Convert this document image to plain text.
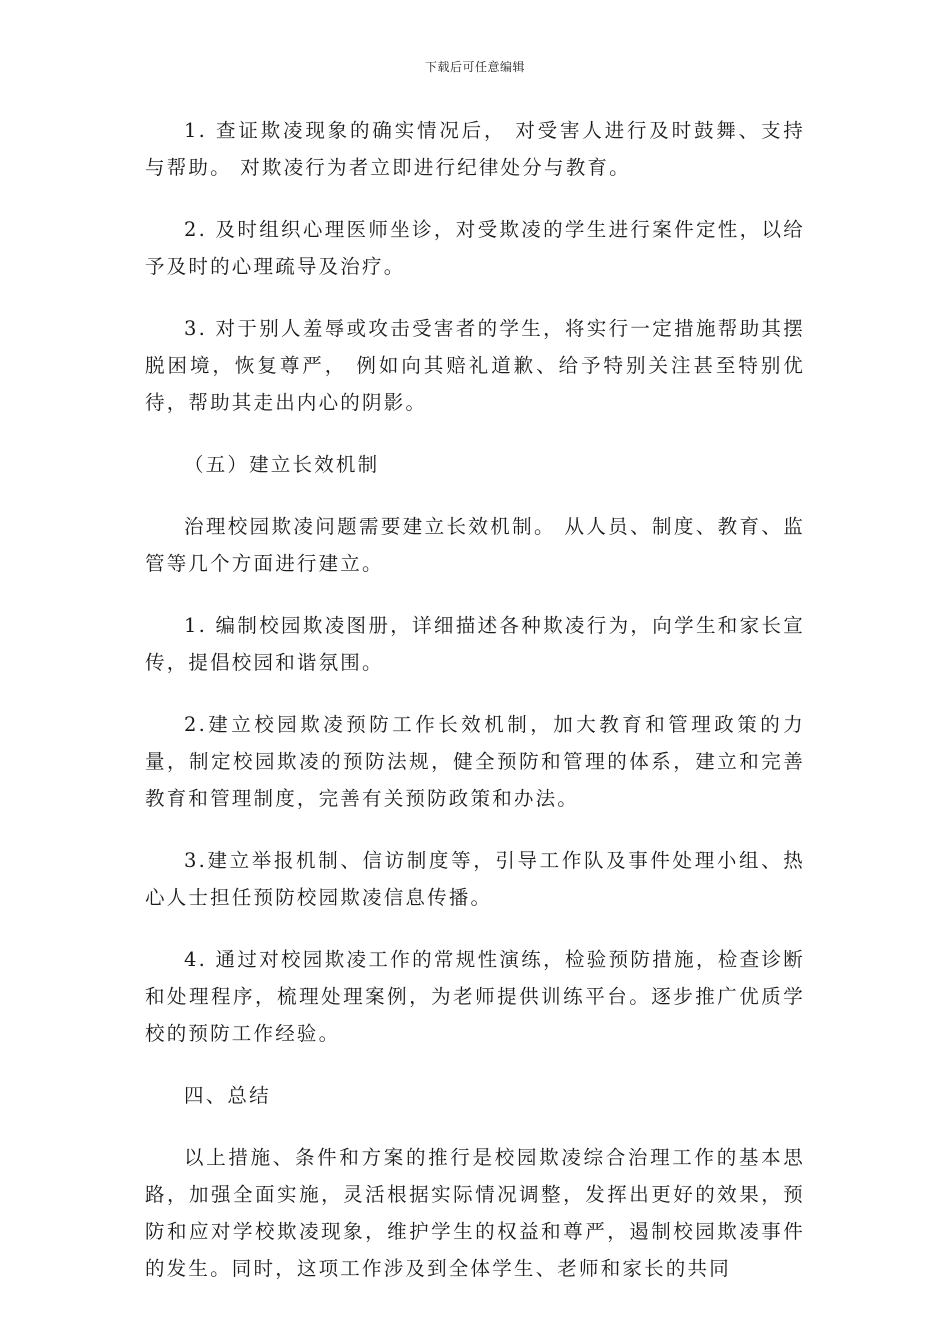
下载后可任意编辑

1. 查证欺凌现象的确实情况后， 对受害人进行及时鼓舞、支持与帮助。 对欺凌行为者立即进行纪律处分与教育。

2. 及时组织心理医师坐诊，对受欺凌的学生进行案件定性，以给予及时的心理疏导及治疗。

3. 对于别人羞辱或攻击受害者的学生，将实行一定措施帮助其摆脱困境，恢复尊严， 例如向其赔礼道歉、给予特别关注甚至特别优待，帮助其走出内心的阴影。

（五）建立长效机制

治理校园欺凌问题需要建立长效机制。 从人员、制度、教育、监管等几个方面进行建立。

1. 编制校园欺凌图册，详细描述各种欺凌行为，向学生和家长宣传，提倡校园和谐氛围。

2.建立校园欺凌预防工作长效机制，加大教育和管理政策的力量，制定校园欺凌的预防法规，健全预防和管理的体系，建立和完善教育和管理制度，完善有关预防政策和办法。

3.建立举报机制、信访制度等，引导工作队及事件处理小组、热心人士担任预防校园欺凌信息传播。

4. 通过对校园欺凌工作的常规性演练，检验预防措施，检查诊断和处理程序，梳理处理案例，为老师提供训练平台。逐步推广优质学校的预防工作经验。

四、总结

以上措施、条件和方案的推行是校园欺凌综合治理工作的基本思路，加强全面实施，灵活根据实际情况调整，发挥出更好的效果，预防和应对学校欺凌现象，维护学生的权益和尊严，遏制校园欺凌事件的发生。同时，这项工作涉及到全体学生、老师和家长的共同
